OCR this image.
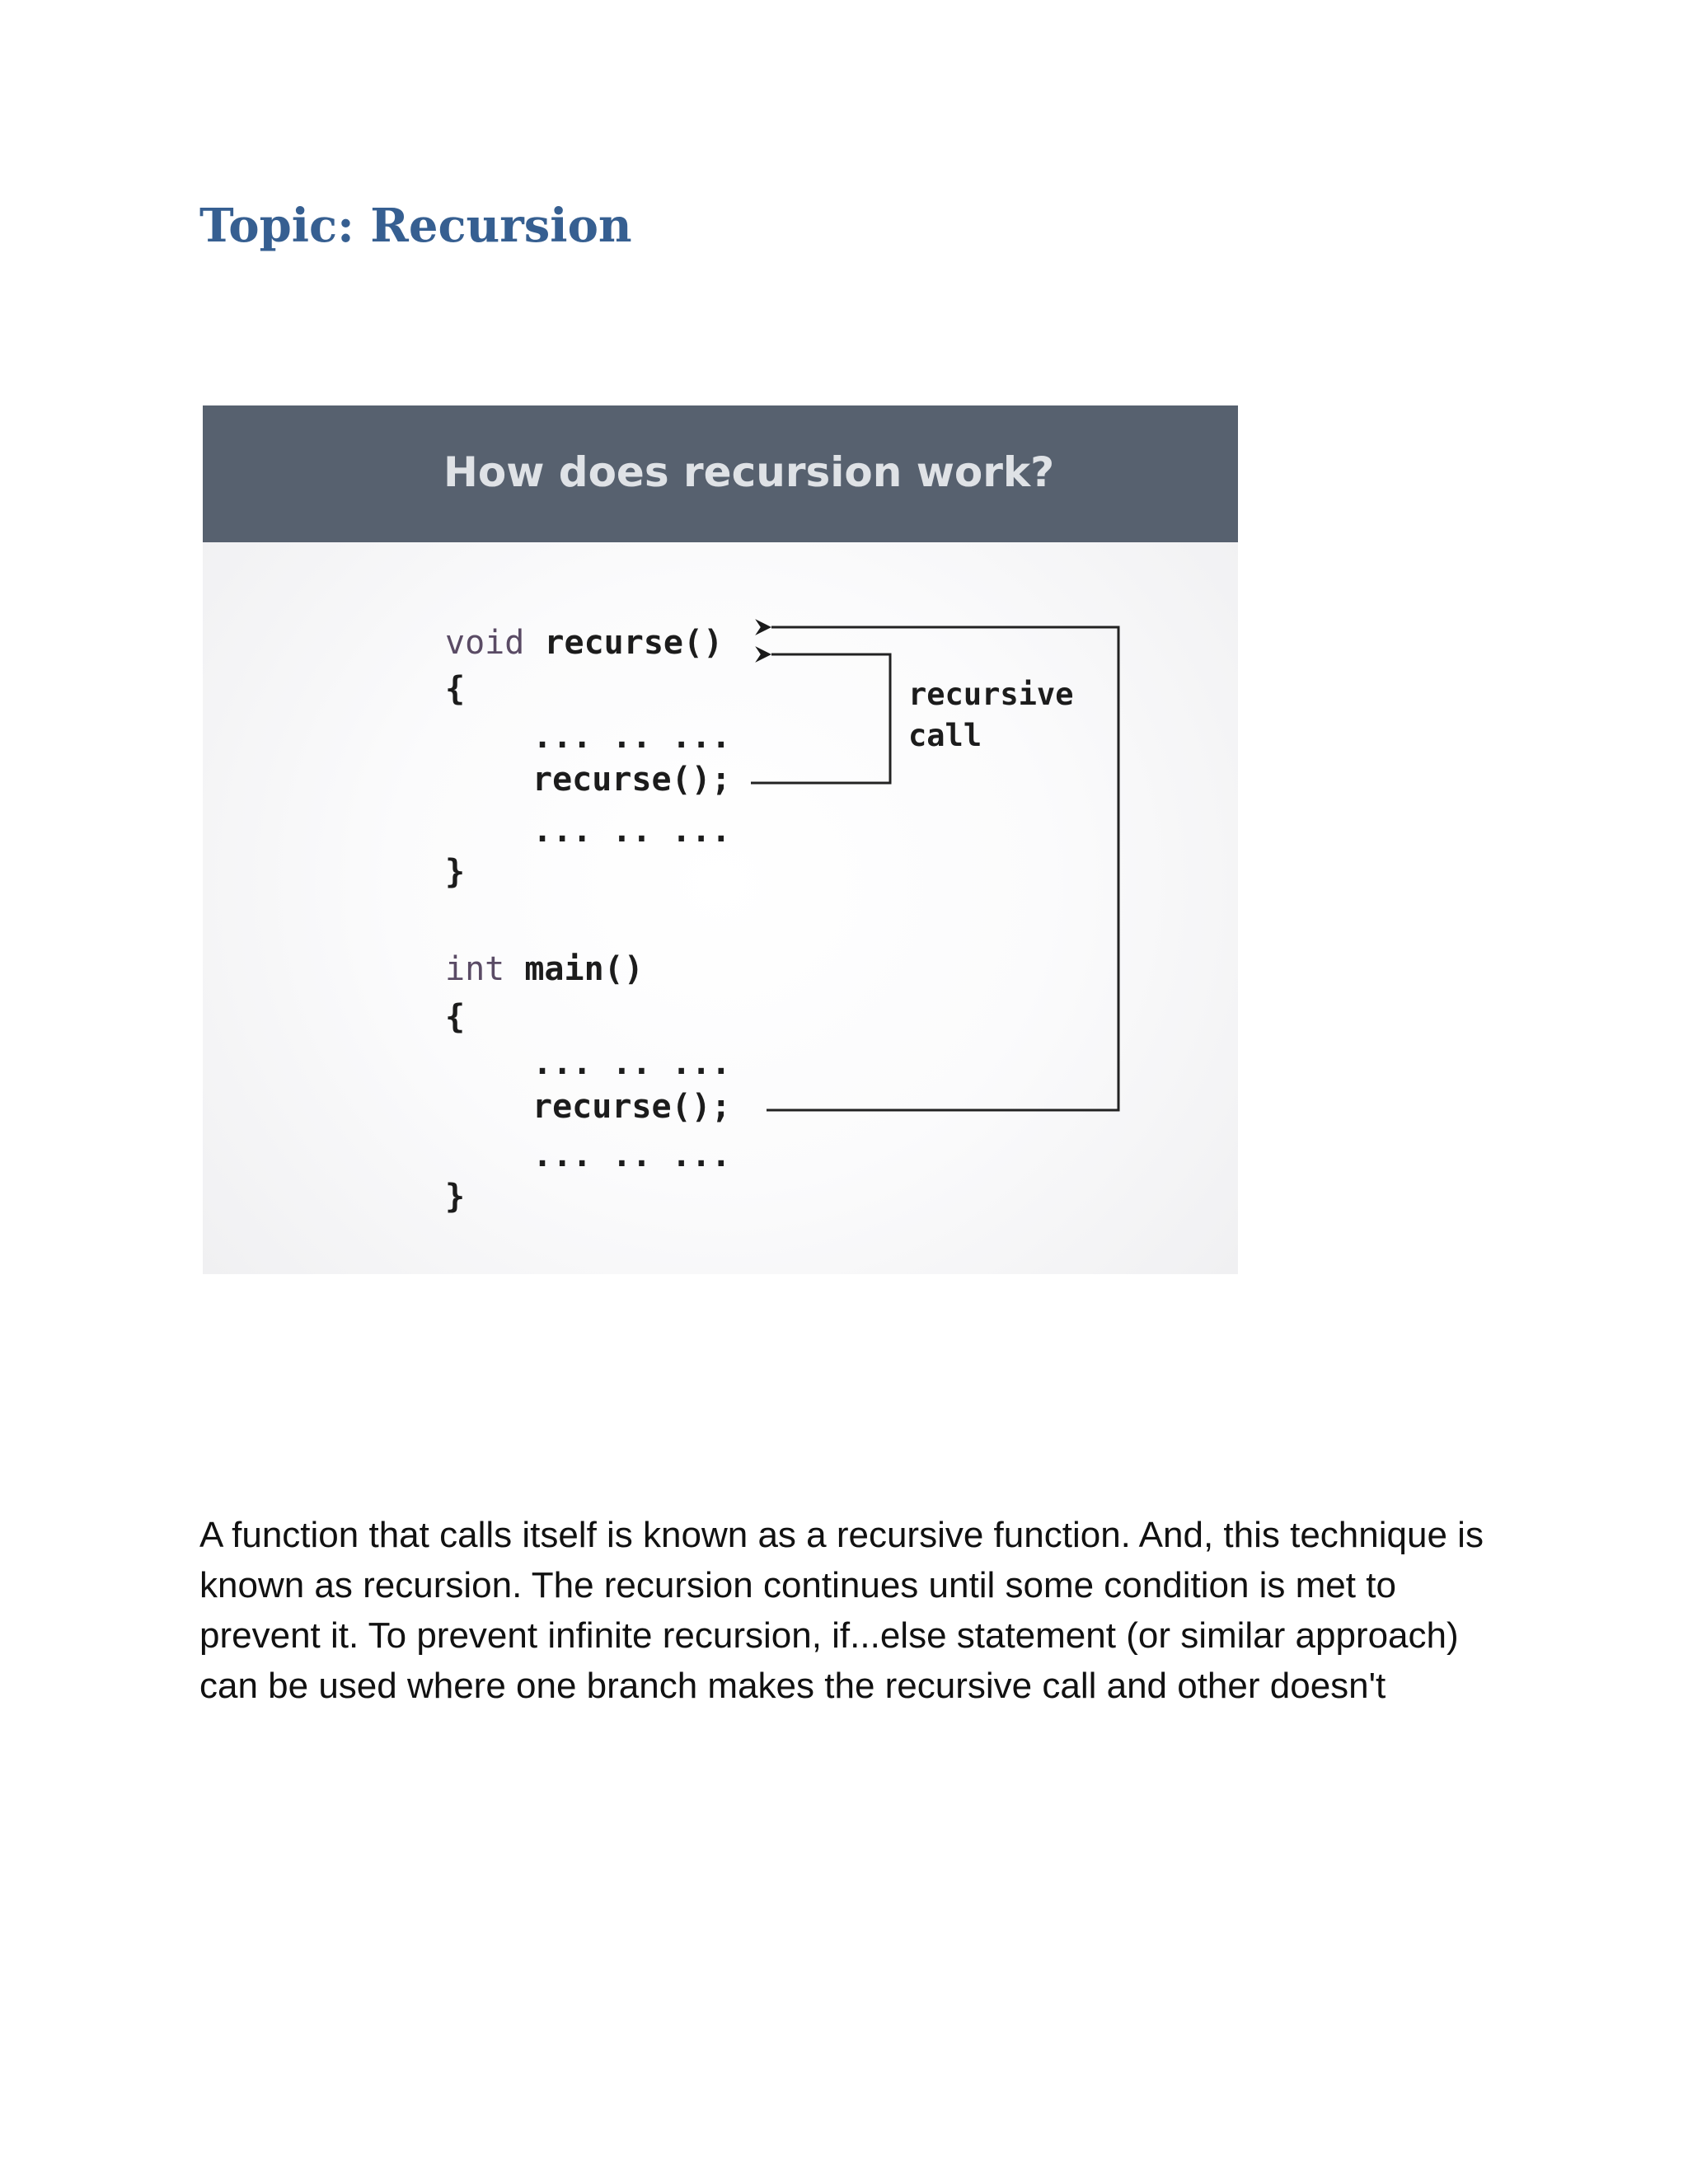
Topic: Recursion

How does recursion work?

void recurse()

{

... .. ...

recurse();

... .. ...

}

int main()

{

... .. ...

recurse();

... .. ...

}

recursive
call

A function that calls itself is known as a recursive function. And, this technique is known as recursion. The recursion continues until some condition is met to prevent it. To prevent infinite recursion, if...else statement (or similar approach) can be used where one branch makes the recursive call and other doesn't
